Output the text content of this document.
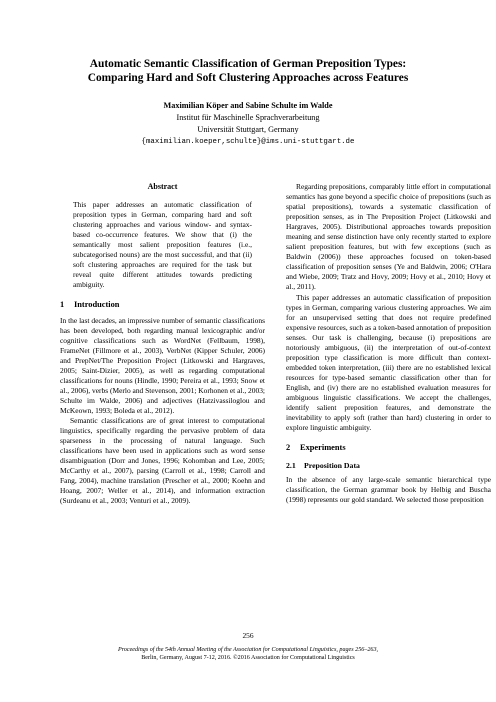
Automatic Semantic Classification of German Preposition Types:
Comparing Hard and Soft Clustering Approaches across Features
Maximilian Köper and Sabine Schulte im Walde
Institut für Maschinelle Sprachverarbeitung
Universität Stuttgart, Germany
{maximilian.koeper,schulte}@ims.uni-stuttgart.de
Abstract

This paper addresses an automatic classification of preposition types in German, comparing hard and soft clustering approaches and various window- and syntax-based co-occurrence features. We show that (i) the semantically most salient preposition features (i.e., subcategorised nouns) are the most successful, and that (ii) soft clustering approaches are required for the task but reveal quite different attitudes towards predicting ambiguity.

1 Introduction

In the last decades, an impressive number of semantic classifications has been developed, both regarding manual lexicographic and/or cognitive classifications such as WordNet (Fellbaum, 1998), FrameNet (Fillmore et al., 2003), VerbNet (Kipper Schuler, 2006) and PrepNet/The Preposition Project (Litkowski and Hargraves, 2005; Saint-Dizier, 2005), as well as regarding computational classifications for nouns (Hindle, 1990; Pereira et al., 1993; Snow et al., 2006), verbs (Merlo and Stevenson, 2001; Korhonen et al., 2003; Schulte im Walde, 2006) and adjectives (Hatzivassiloglou and McKeown, 1993; Boleda et al., 2012).

Semantic classifications are of great interest to computational linguistics, specifically regarding the pervasive problem of data sparseness in the processing of natural language. Such classifications have been used in applications such as word sense disambiguation (Dorr and Jones, 1996; Kohomban and Lee, 2005; McCarthy et al., 2007), parsing (Carroll et al., 1998; Carroll and Fang, 2004), machine translation (Prescher et al., 2000; Koehn and Hoang, 2007; Weller et al., 2014), and information extraction (Surdeanu et al., 2003; Venturi et al., 2009).

Regarding prepositions, comparably little effort in computational semantics has gone beyond a specific choice of prepositions (such as spatial prepositions), towards a systematic classification of preposition senses, as in The Preposition Project (Litkowski and Hargraves, 2005). Distributional approaches towards preposition meaning and sense distinction have only recently started to explore salient preposition features, but with few exceptions (such as Baldwin (2006)) these approaches focused on token-based classification of preposition senses (Ye and Baldwin, 2006; O'Hara and Wiebe, 2009; Tratz and Hovy, 2009; Hovy et al., 2010; Hovy et al., 2011).

This paper addresses an automatic classification of preposition types in German, comparing various clustering approaches. We aim for an unsupervised setting that does not require predefined expensive resources, such as a token-based annotation of preposition senses. Our task is challenging, because (i) prepositions are notoriously ambiguous, (ii) the interpretation of out-of-context preposition type classification is more difficult than context-embedded token interpretation, (iii) there are no established lexical resources for type-based semantic classification other than for English, and (iv) there are no established evaluation measures for ambiguous linguistic classifications. We accept the challenges, identify salient preposition features, and demonstrate the inevitability to apply soft (rather than hard) clustering in order to explore linguistic ambiguity.

2 Experiments
2.1 Preposition Data

In the absence of any large-scale semantic hierarchical type classification, the German grammar book by Helbig and Buscha (1998) represents our gold standard. We selected those preposition

256
Proceedings of the 54th Annual Meeting of the Association for Computational Linguistics, pages 256–263,
Berlin, Germany, August 7-12, 2016. ©2016 Association for Computational Linguistics
